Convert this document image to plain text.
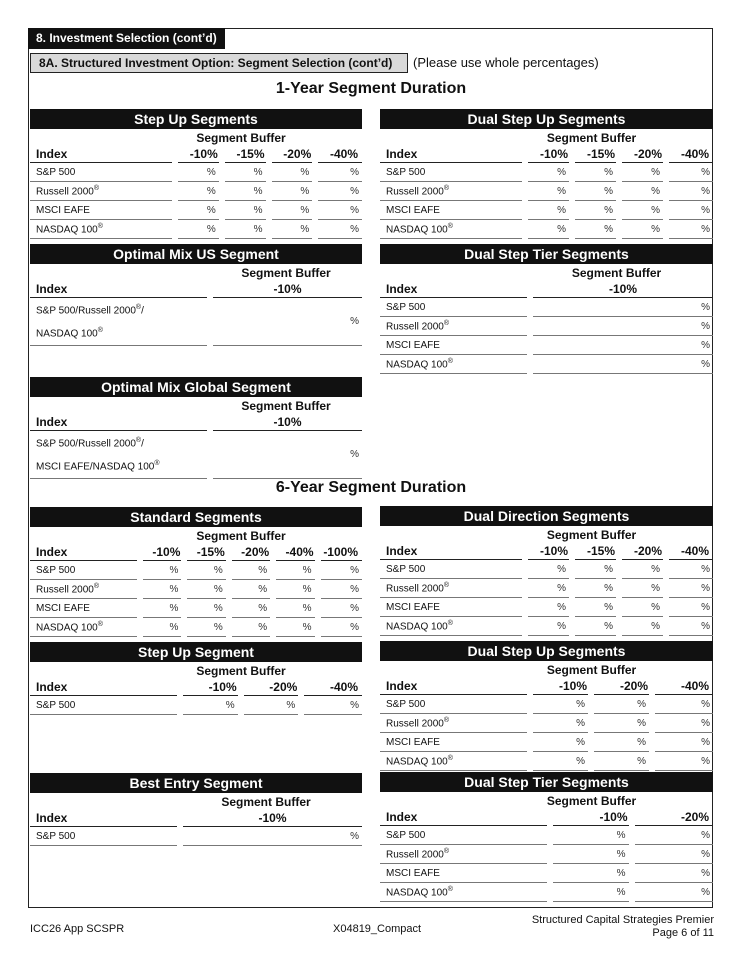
8. Investment Selection (cont’d)
8A. Structured Investment Option: Segment Selection (cont’d)	(Please use whole percentages)
1-Year Segment Duration
Step Up Segments
Segment Buffer
Index	-10%	-15%	-20%	-40%
S&P 500	%	%	%	%
Russell 2000®	%	%	%	%
MSCI EAFE	%	%	%	%
NASDAQ 100®	%	%	%	%
Dual Step Up Segments
Segment Buffer
Index	-10%	-15%	-20%	-40%
S&P 500	%	%	%	%
Russell 2000®	%	%	%	%
MSCI EAFE	%	%	%	%
NASDAQ 100®	%	%	%	%
Optimal Mix US Segment
Segment Buffer
Index	-10%

S&P 500/Russell 2000®/
NASDAQ 100®	%
Dual Step Tier Segments
Segment Buffer
Index	-10%
S&P 500	%
Russell 2000®	%
MSCI EAFE	%
NASDAQ 100®	%
Optimal Mix Global Segment
Segment Buffer
Index	-10%

S&P 500/Russell 2000®/
MSCI EAFE/NASDAQ 100®	%
6-Year Segment Duration
Standard Segments
Segment Buffer
Index	-10%	-15%	-20%	-40%	-100%
S&P 500	%	%	%	%	%
Russell 2000®	%	%	%	%	%
MSCI EAFE	%	%	%	%	%
NASDAQ 100®	%	%	%	%	%
Dual Direction Segments
Segment Buffer
Index	-10%	-15%	-20%	-40%
S&P 500	%	%	%	%
Russell 2000®	%	%	%	%
MSCI EAFE	%	%	%	%
NASDAQ 100®	%	%	%	%
Step Up Segment
Segment Buffer
Index	-10%	-20%	-40%
S&P 500	%	%	%
Dual Step Up Segments
Segment Buffer
Index	-10%	-20%	-40%
S&P 500	%	%	%
Russell 2000®	%	%	%
MSCI EAFE	%	%	%
NASDAQ 100®	%	%	%
Best Entry Segment
Segment Buffer
Index	-10%
S&P 500	%
Dual Step Tier Segments
Segment Buffer
Index	-10%	-20%
S&P 500	%	%
Russell 2000®	%	%
MSCI EAFE	%	%
NASDAQ 100®	%	%
ICC26 App SCSPR	X04819_Compact
Structured Capital Strategies Premier
Page 6 of 11
